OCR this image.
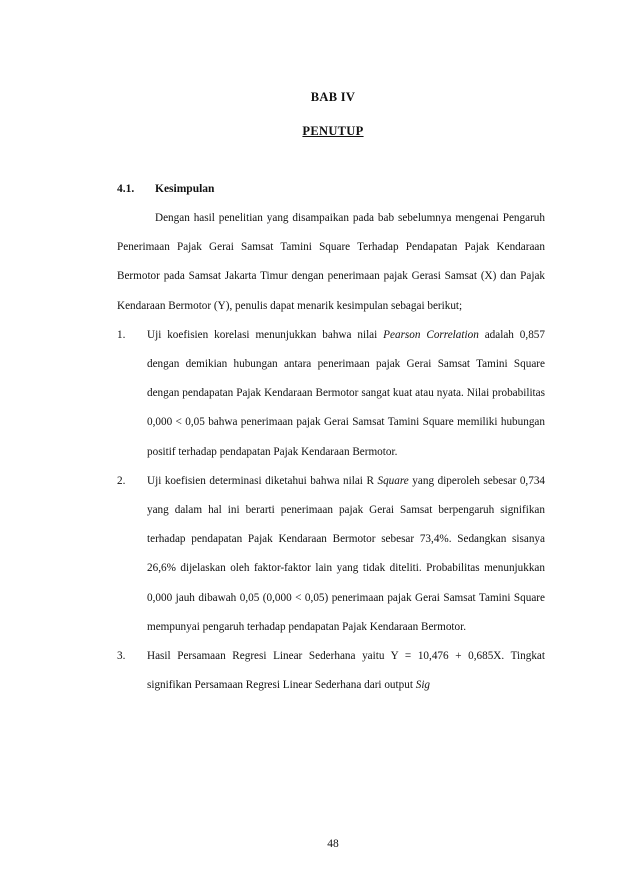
BAB IV
PENUTUP
4.1. Kesimpulan

Dengan hasil penelitian yang disampaikan pada bab sebelumnya mengenai Pengaruh Penerimaan Pajak Gerai Samsat Tamini Square Terhadap Pendapatan Pajak Kendaraan Bermotor pada Samsat Jakarta Timur dengan penerimaan pajak Gerasi Samsat (X) dan Pajak Kendaraan Bermotor (Y), penulis dapat menarik kesimpulan sebagai berikut;

1. Uji koefisien korelasi menunjukkan bahwa nilai Pearson Correlation adalah 0,857 dengan demikian hubungan antara penerimaan pajak Gerai Samsat Tamini Square dengan pendapatan Pajak Kendaraan Bermotor sangat kuat atau nyata. Nilai probabilitas 0,000 < 0,05 bahwa penerimaan pajak Gerai Samsat Tamini Square memiliki hubungan positif terhadap pendapatan Pajak Kendaraan Bermotor.
2. Uji koefisien determinasi diketahui bahwa nilai R Square yang diperoleh sebesar 0,734 yang dalam hal ini berarti penerimaan pajak Gerai Samsat berpengaruh signifikan terhadap pendapatan Pajak Kendaraan Bermotor sebesar 73,4%. Sedangkan sisanya 26,6% dijelaskan oleh faktor-faktor lain yang tidak diteliti. Probabilitas menunjukkan 0,000 jauh dibawah 0,05 (0,000 < 0,05) penerimaan pajak Gerai Samsat Tamini Square mempunyai pengaruh terhadap pendapatan Pajak Kendaraan Bermotor.
3. Hasil Persamaan Regresi Linear Sederhana yaitu Y = 10,476 + 0,685X. Tingkat signifikan Persamaan Regresi Linear Sederhana dari output Sig
48
